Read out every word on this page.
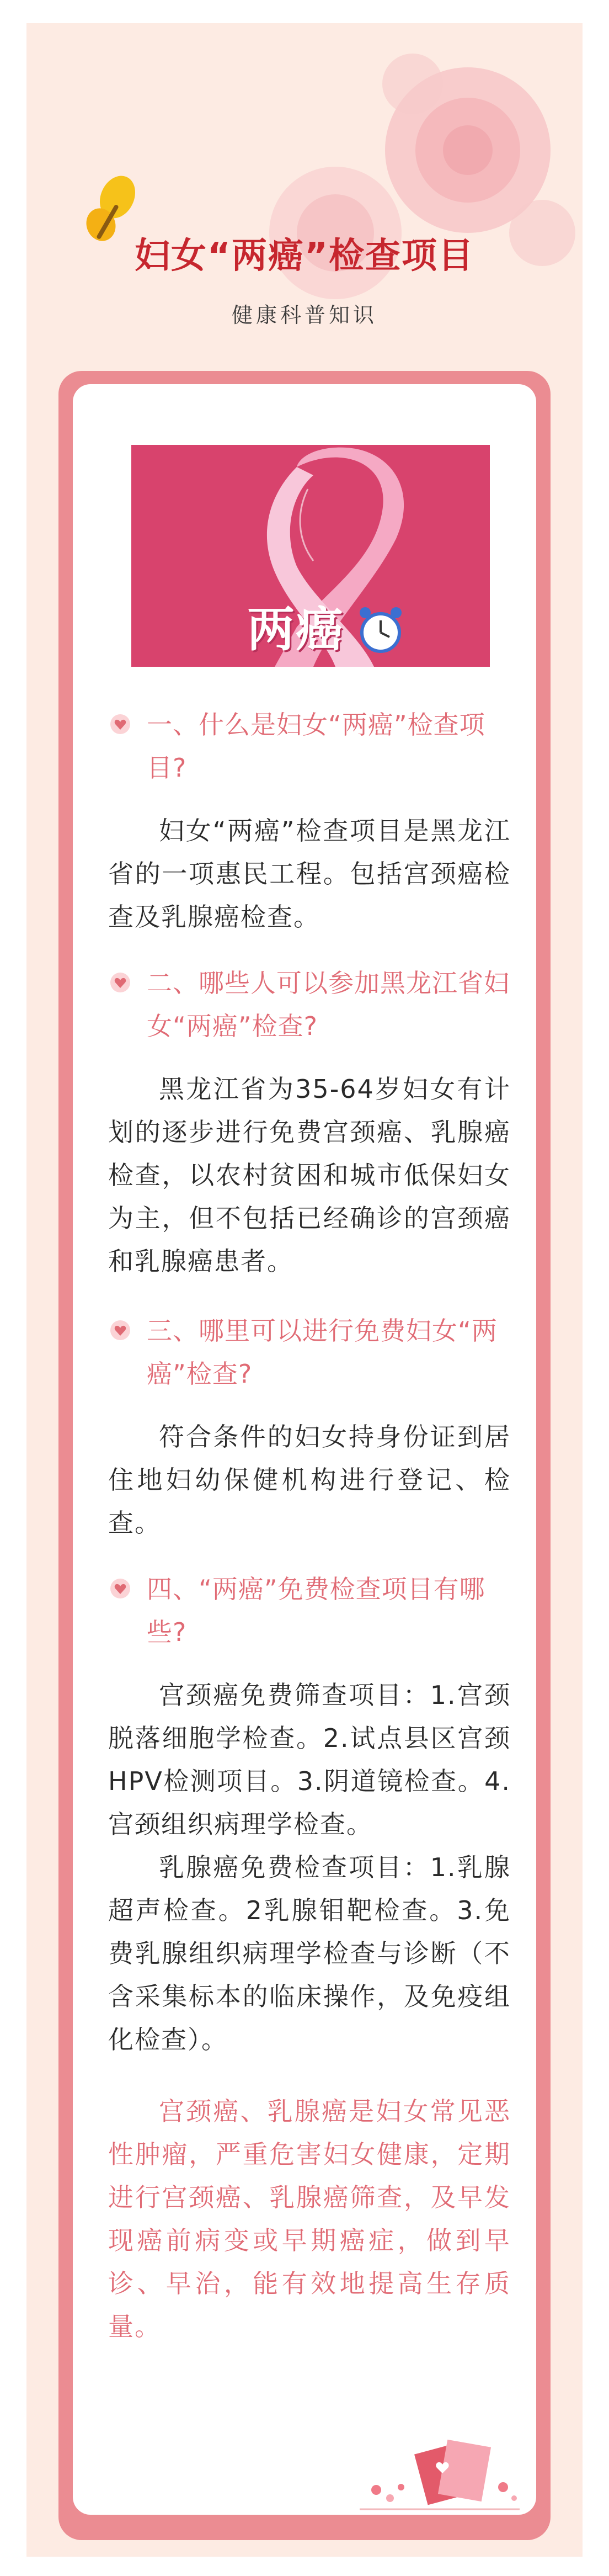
妇女“两癌”检查项目
健康科普知识
两癌
一、什么是妇女“两癌”检查项目?

妇女“两癌”检查项目是黑龙江省的一项惠民工程。包括宫颈癌检查及乳腺癌检查。

二、哪些人可以参加黑龙江省妇女“两癌”检查?

黑龙江省为35-64岁妇女有计划的逐步进行免费宫颈癌、乳腺癌检查，以农村贫困和城市低保妇女为主，但不包括已经确诊的宫颈癌和乳腺癌患者。

三、哪里可以进行免费妇女“两癌”检查?

符合条件的妇女持身份证到居住地妇幼保健机构进行登记、检查。

四、“两癌”免费检查项目有哪些?

宫颈癌免费筛查项目：1.宫颈脱落细胞学检查。2.试点县区宫颈HPV检测项目。3.阴道镜检查。4.宫颈组织病理学检查。

乳腺癌免费检查项目：1.乳腺超声检查。2乳腺钼靶检查。3.免费乳腺组织病理学检查与诊断（不含采集标本的临床操作，及免疫组化检查）。

宫颈癌、乳腺癌是妇女常见恶性肿瘤，严重危害妇女健康，定期进行宫颈癌、乳腺癌筛查，及早发现癌前病变或早期癌症，做到早诊、早治，能有效地提高生存质量。
